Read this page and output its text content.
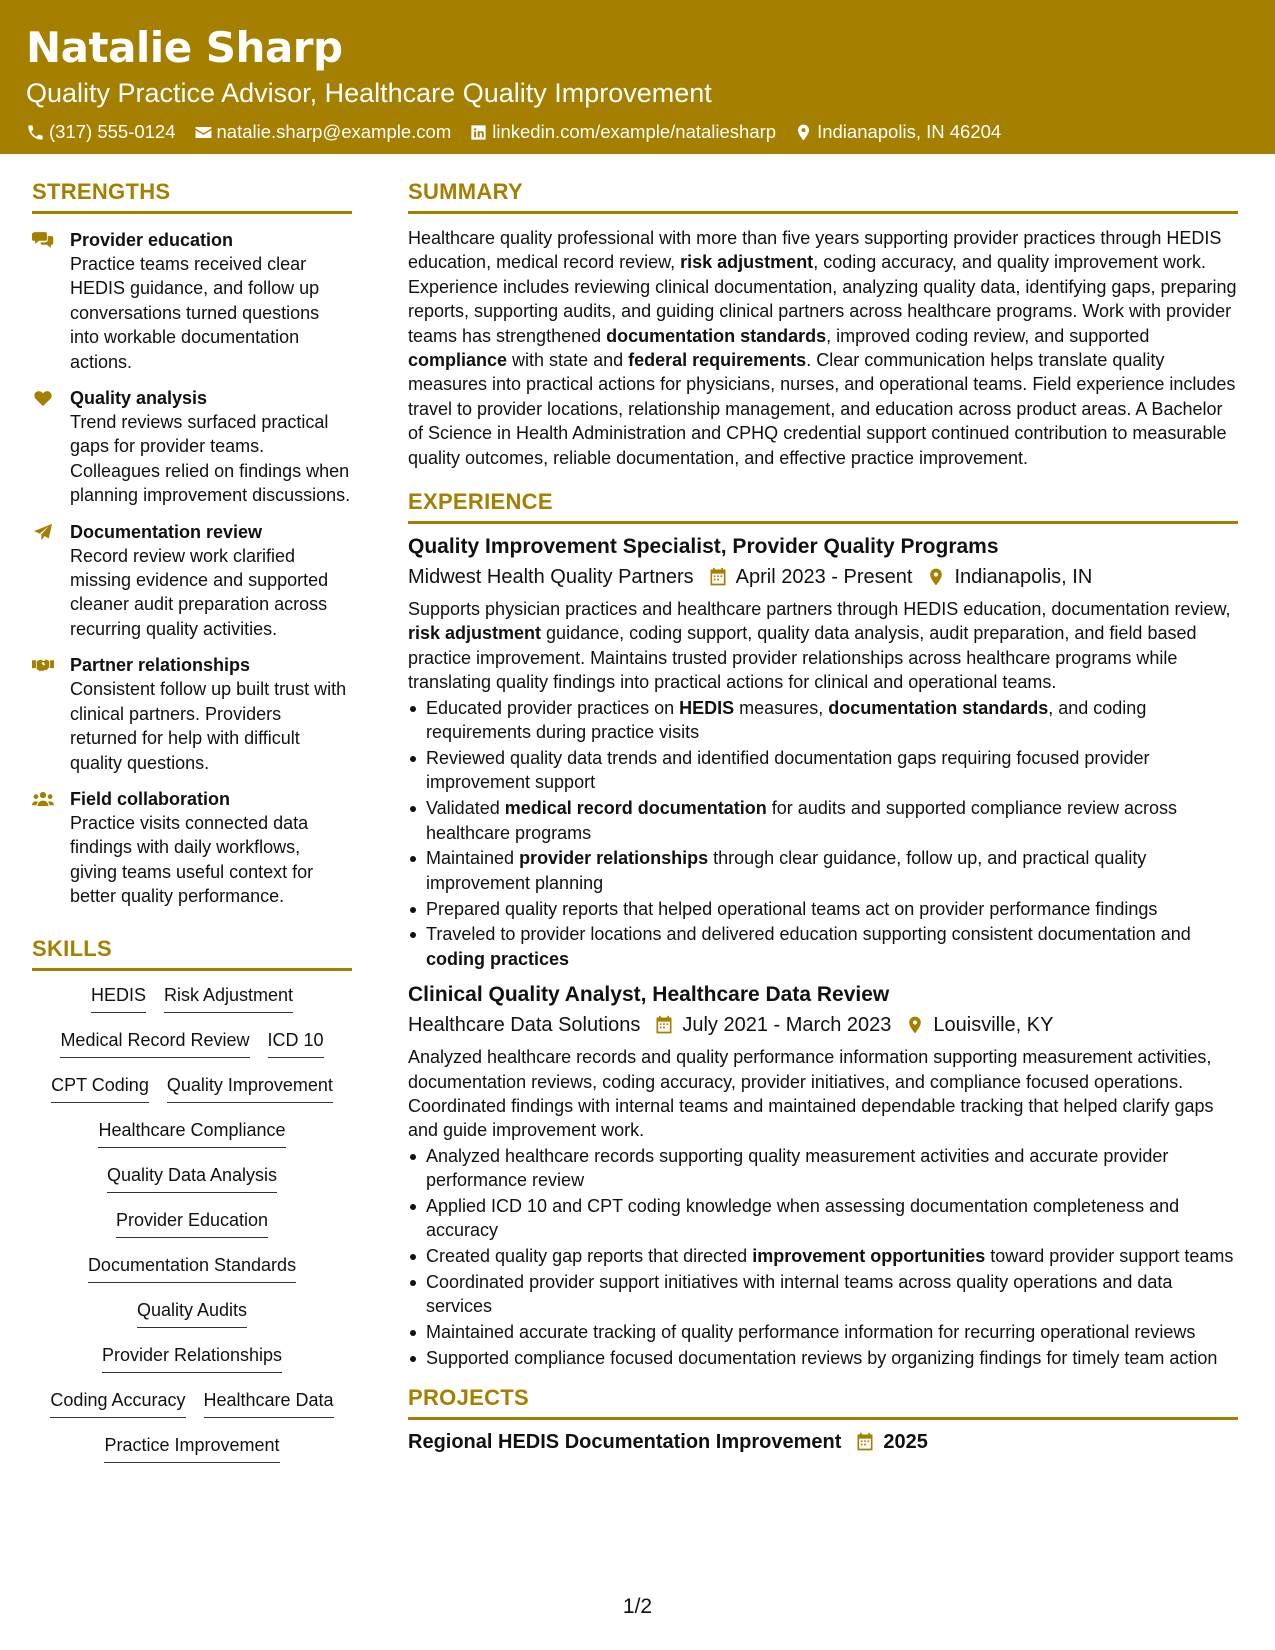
Natalie Sharp
Quality Practice Advisor, Healthcare Quality Improvement
(317) 555-0124 natalie.sharp@example.com linkedin.com/example/nataliesharp Indianapolis, IN 46204
STRENGTHS
Provider education
Practice teams received clear HEDIS guidance, and follow up conversations turned questions into workable documentation actions.
Quality analysis
Trend reviews surfaced practical gaps for provider teams. Colleagues relied on findings when planning improvement discussions.
Documentation review
Record review work clarified missing evidence and supported cleaner audit preparation across recurring quality activities.
Partner relationships
Consistent follow up built trust with clinical partners. Providers returned for help with difficult quality questions.
Field collaboration
Practice visits connected data findings with daily workflows, giving teams useful context for better quality performance.
SKILLS
HEDIS Risk Adjustment
Medical Record Review ICD 10
CPT Coding Quality Improvement
Healthcare Compliance
Quality Data Analysis
Provider Education
Documentation Standards
Quality Audits
Provider Relationships
Coding Accuracy Healthcare Data
Practice Improvement
SUMMARY
Healthcare quality professional with more than five years supporting provider practices through HEDIS education, medical record review, risk adjustment, coding accuracy, and quality improvement work. Experience includes reviewing clinical documentation, analyzing quality data, identifying gaps, preparing reports, supporting audits, and guiding clinical partners across healthcare programs. Work with provider teams has strengthened documentation standards, improved coding review, and supported compliance with state and federal requirements. Clear communication helps translate quality measures into practical actions for physicians, nurses, and operational teams. Field experience includes travel to provider locations, relationship management, and education across product areas. A Bachelor of Science in Health Administration and CPHQ credential support continued contribution to measurable quality outcomes, reliable documentation, and effective practice improvement.
EXPERIENCE
Quality Improvement Specialist, Provider Quality Programs
Midwest Health Quality Partners April 2023 - Present Indianapolis, IN
Supports physician practices and healthcare partners through HEDIS education, documentation review, risk adjustment guidance, coding support, quality data analysis, audit preparation, and field based practice improvement. Maintains trusted provider relationships across healthcare programs while translating quality findings into practical actions for clinical and operational teams.
Educated provider practices on HEDIS measures, documentation standards, and coding requirements during practice visits
Reviewed quality data trends and identified documentation gaps requiring focused provider improvement support
Validated medical record documentation for audits and supported compliance review across healthcare programs
Maintained provider relationships through clear guidance, follow up, and practical quality improvement planning
Prepared quality reports that helped operational teams act on provider performance findings
Traveled to provider locations and delivered education supporting consistent documentation and coding practices
Clinical Quality Analyst, Healthcare Data Review
Healthcare Data Solutions July 2021 - March 2023 Louisville, KY
Analyzed healthcare records and quality performance information supporting measurement activities, documentation reviews, coding accuracy, provider initiatives, and compliance focused operations. Coordinated findings with internal teams and maintained dependable tracking that helped clarify gaps and guide improvement work.
Analyzed healthcare records supporting quality measurement activities and accurate provider performance review
Applied ICD 10 and CPT coding knowledge when assessing documentation completeness and accuracy
Created quality gap reports that directed improvement opportunities toward provider support teams
Coordinated provider support initiatives with internal teams across quality operations and data services
Maintained accurate tracking of quality performance information for recurring operational reviews
Supported compliance focused documentation reviews by organizing findings for timely team action
PROJECTS
Regional HEDIS Documentation Improvement 2025
1/2
